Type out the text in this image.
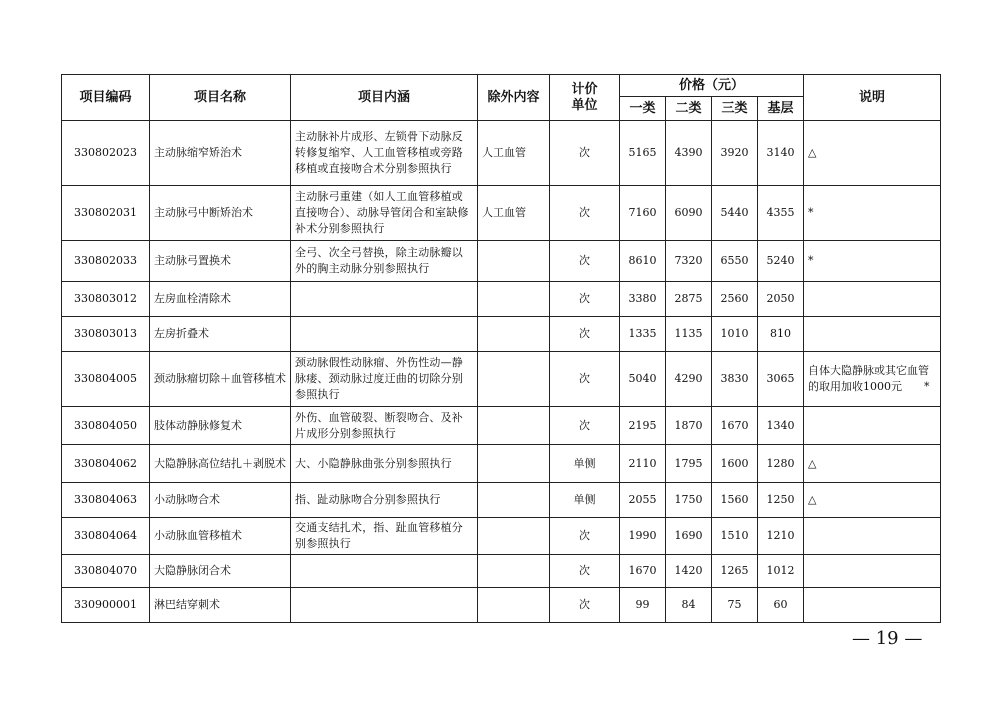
项目编码	项目名称	项目内涵	除外内容	计价单位	价格（元）				说明
					一类	二类	三类	基层	
330802023	主动脉缩窄矫治术	主动脉补片成形、左锁骨下动脉反转修复缩窄、人工血管移植或旁路移植或直接吻合术分别参照执行	人工血管	次	5165	4390	3920	3140	△
330802031	主动脉弓中断矫治术	主动脉弓重建（如人工血管移植或直接吻合）、动脉导管闭合和室缺修补术分别参照执行	人工血管	次	7160	6090	5440	4355	*
330802033	主动脉弓置换术	全弓、次全弓替换，除主动脉瓣以外的胸主动脉分别参照执行		次	8610	7320	6550	5240	*
330803012	左房血栓清除术			次	3380	2875	2560	2050	
330803013	左房折叠术			次	1335	1135	1010	810	
330804005	颈动脉瘤切除＋血管移植术	颈动脉假性动脉瘤、外伤性动—静脉瘘、颈动脉过度迂曲的切除分别参照执行		次	5040	4290	3830	3065	自体大隐静脉或其它血管的取用加收1000元　　*
330804050	肢体动静脉修复术	外伤、血管破裂、断裂吻合、及补片成形分别参照执行		次	2195	1870	1670	1340	
330804062	大隐静脉高位结扎＋剥脱术	大、小隐静脉曲张分别参照执行		单侧	2110	1795	1600	1280	△
330804063	小动脉吻合术	指、趾动脉吻合分别参照执行		单侧	2055	1750	1560	1250	△
330804064	小动脉血管移植术	交通支结扎术，指、趾血管移植分别参照执行		次	1990	1690	1510	1210	
330804070	大隐静脉闭合术			次	1670	1420	1265	1012	
330900001	淋巴结穿刺术			次	99	84	75	60	
— 19 —
